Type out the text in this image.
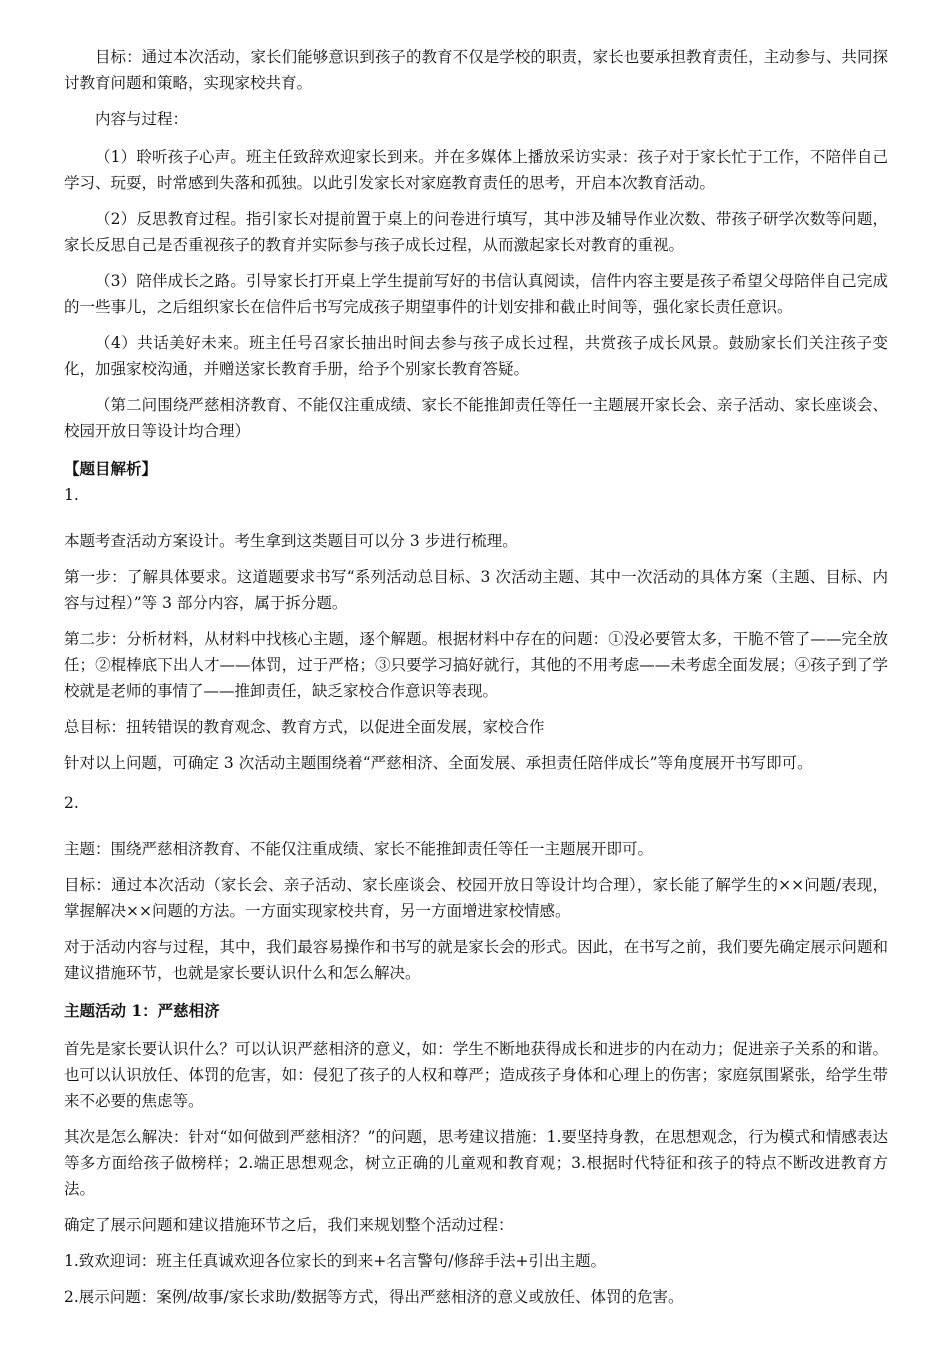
目标：通过本次活动，家长们能够意识到孩子的教育不仅是学校的职责，家长也要承担教育责任，主动参与、共同探讨教育问题和策略，实现家校共育。

内容与过程：

（1）聆听孩子心声。班主任致辞欢迎家长到来。并在多媒体上播放采访实录：孩子对于家长忙于工作，不陪伴自己学习、玩耍，时常感到失落和孤独。以此引发家长对家庭教育责任的思考，开启本次教育活动。

（2）反思教育过程。指引家长对提前置于桌上的问卷进行填写，其中涉及辅导作业次数、带孩子研学次数等问题，家长反思自己是否重视孩子的教育并实际参与孩子成长过程，从而激起家长对教育的重视。

（3）陪伴成长之路。引导家长打开桌上学生提前写好的书信认真阅读，信件内容主要是孩子希望父母陪伴自己完成的一些事儿，之后组织家长在信件后书写完成孩子期望事件的计划安排和截止时间等，强化家长责任意识。

（4）共话美好未来。班主任号召家长抽出时间去参与孩子成长过程，共赏孩子成长风景。鼓励家长们关注孩子变化，加强家校沟通，并赠送家长教育手册，给予个别家长教育答疑。

（第二问围绕严慈相济教育、不能仅注重成绩、家长不能推卸责任等任一主题展开家长会、亲子活动、家长座谈会、校园开放日等设计均合理）

【题目解析】

1.

本题考查活动方案设计。考生拿到这类题目可以分 3 步进行梳理。

第一步：了解具体要求。这道题要求书写“系列活动总目标、3 次活动主题、其中一次活动的具体方案（主题、目标、内容与过程）”等 3 部分内容，属于拆分题。

第二步：分析材料，从材料中找核心主题，逐个解题。根据材料中存在的问题：①没必要管太多，干脆不管了——完全放任；②棍棒底下出人才——体罚，过于严格；③只要学习搞好就行，其他的不用考虑——未考虑全面发展；④孩子到了学校就是老师的事情了——推卸责任，缺乏家校合作意识等表现。

总目标：扭转错误的教育观念、教育方式，以促进全面发展，家校合作

针对以上问题，可确定 3 次活动主题围绕着“严慈相济、全面发展、承担责任陪伴成长”等角度展开书写即可。

2.

主题：围绕严慈相济教育、不能仅注重成绩、家长不能推卸责任等任一主题展开即可。

目标：通过本次活动（家长会、亲子活动、家长座谈会、校园开放日等设计均合理），家长能了解学生的××问题/表现，掌握解决××问题的方法。一方面实现家校共育，另一方面增进家校情感。

对于活动内容与过程，其中，我们最容易操作和书写的就是家长会的形式。因此，在书写之前，我们要先确定展示问题和建议措施环节，也就是家长要认识什么和怎么解决。

主题活动 1：严慈相济

首先是家长要认识什么？可以认识严慈相济的意义，如：学生不断地获得成长和进步的内在动力；促进亲子关系的和谐。也可以认识放任、体罚的危害，如：侵犯了孩子的人权和尊严；造成孩子身体和心理上的伤害；家庭氛围紧张，给学生带来不必要的焦虑等。

其次是怎么解决：针对“如何做到严慈相济？”的问题，思考建议措施：1.要坚持身教，在思想观念，行为模式和情感表达等多方面给孩子做榜样；2.端正思想观念，树立正确的儿童观和教育观；3.根据时代特征和孩子的特点不断改进教育方法。

确定了展示问题和建议措施环节之后，我们来规划整个活动过程：

1.致欢迎词：班主任真诚欢迎各位家长的到来+名言警句/修辞手法+引出主题。

2.展示问题：案例/故事/家长求助/数据等方式，得出严慈相济的意义或放任、体罚的危害。
